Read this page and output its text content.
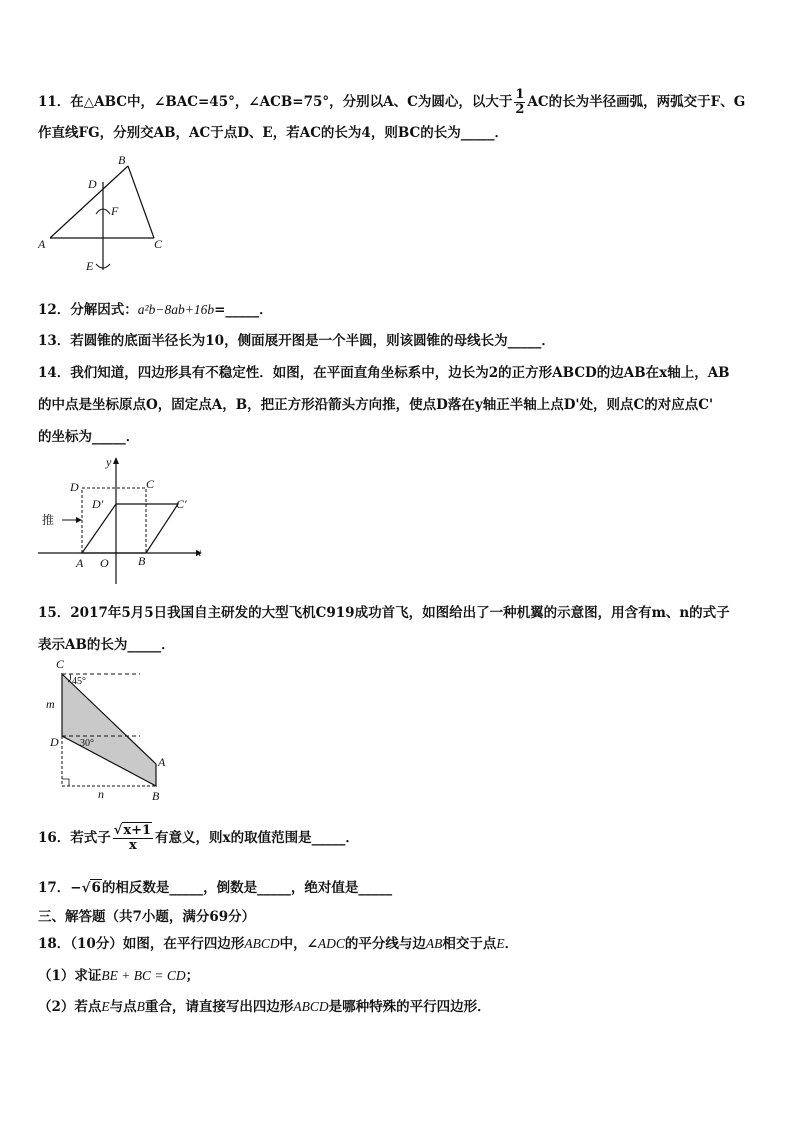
11．在△ABC中，∠BAC=45°，∠ACB=75°，分别以A、C为圆心，以大于 $\frac{1}{2}$ AC的长为半径画弧，两弧交于F、G
作直线FG，分别交AB，AC于点D、E，若AC的长为4，则BC的长为_____．
B
D
F
A	C
E
12．分解因式：a²b−8ab+16b=_____．
13．若圆锥的底面半径长为10，侧面展开图是一个半圆，则该圆锥的母线长为_____．
14．我们知道，四边形具有不稳定性．如图，在平面直角坐标系中，边长为2的正方形ABCD的边AB在x轴上，AB
的中点是坐标原点O，固定点A，B，把正方形沿箭头方向推，使点D落在y轴正半轴上点D'处，则点C的对应点C'
的坐标为_____．
y
x
D	C
D′	C′
推
A O B
15．2017年5月5日我国自主研发的大型飞机C919成功首飞，如图给出了一种机翼的示意图，用含有m、n的式子
表示AB的长为_____．
C
45°
m
D 30°
A
n	B
16．若式子 $\frac{√x+1}{x}$ 有意义，则x的取值范围是_____．
17．−√6的相反数是_____，倒数是_____，绝对值是_____
三、解答题（共7小题，满分69分）
18．（10分）如图，在平行四边形ABCD中，∠ADC的平分线与边AB相交于点E．
（1）求证BE + BC = CD；
（2）若点E与点B重合，请直接写出四边形ABCD是哪种特殊的平行四边形．
